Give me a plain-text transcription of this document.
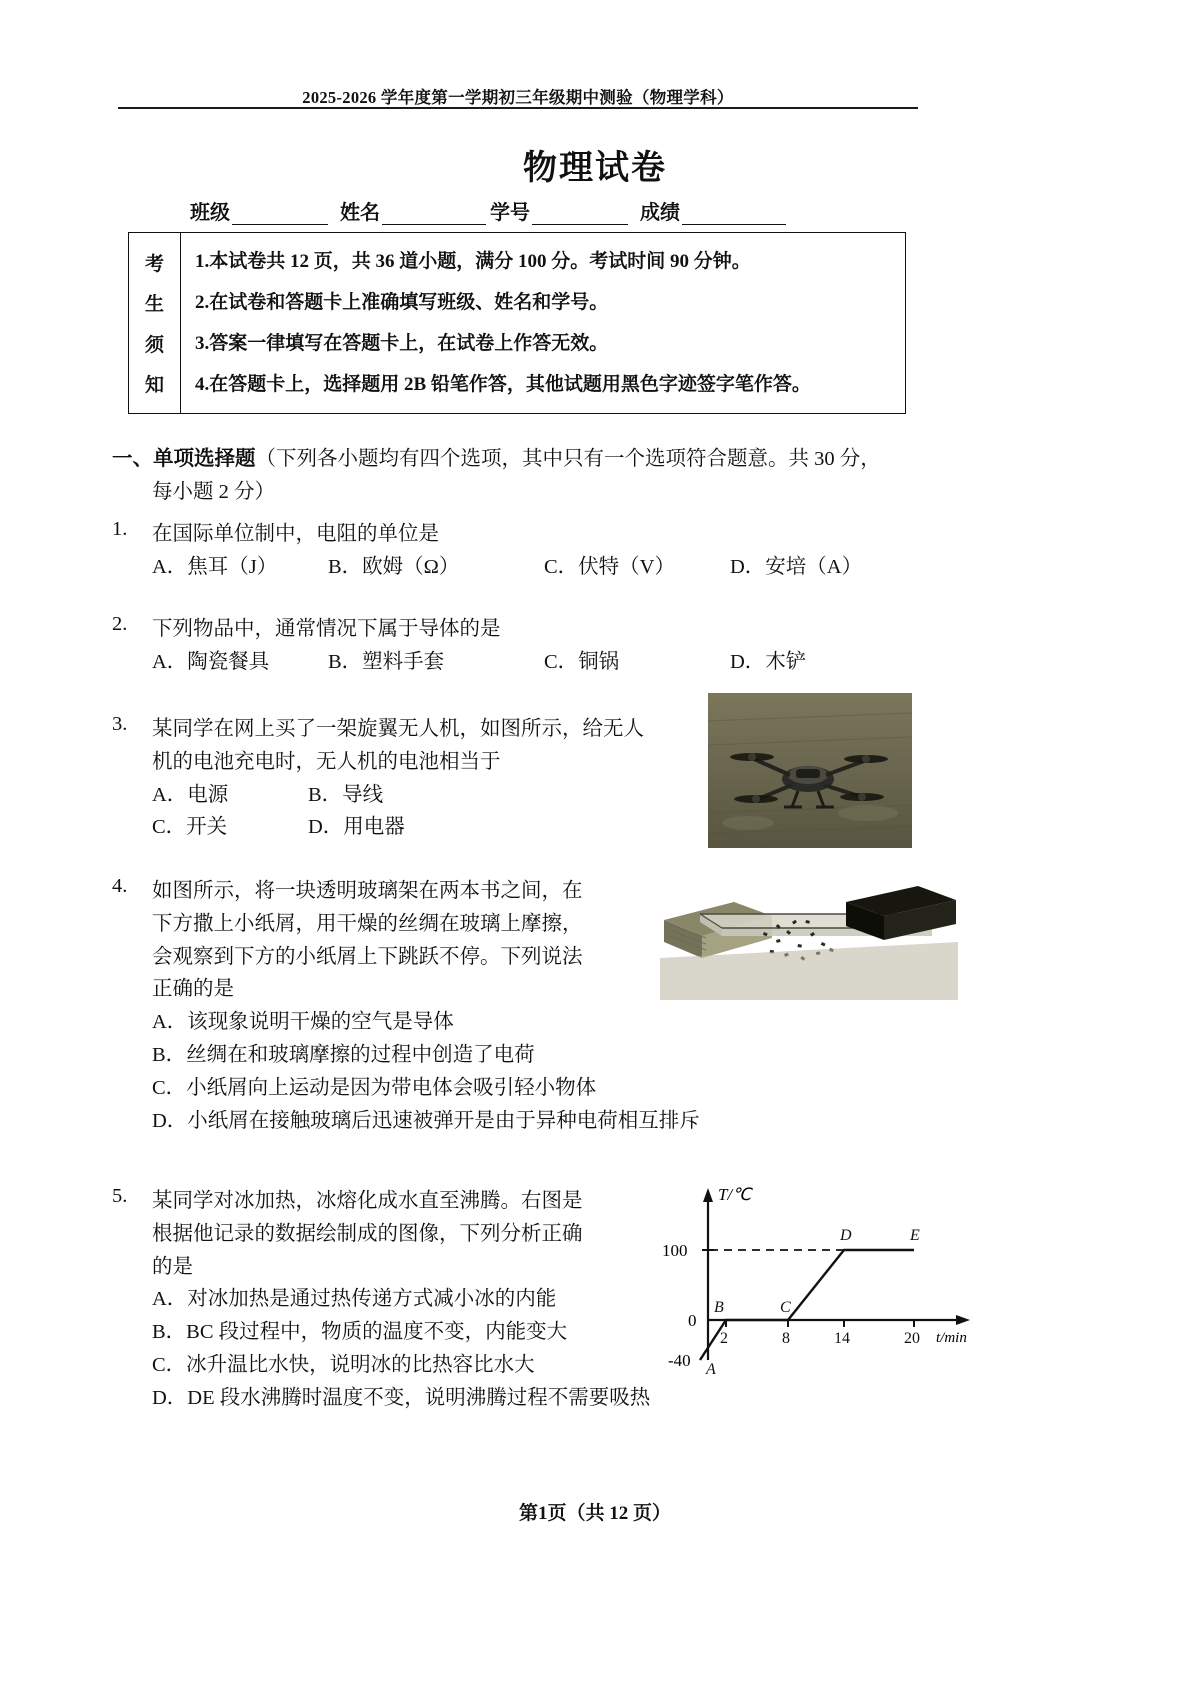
2025-2026 学年度第一学期初三年级期中测验（物理学科）
物理试卷
班级	姓名	学号	成绩
考
生
须
知
1.本试卷共 12 页，共 36 道小题，满分 100 分。考试时间 90 分钟。
2.在试卷和答题卡上准确填写班级、姓名和学号。
3.答案一律填写在答题卡上，在试卷上作答无效。
4.在答题卡上，选择题用 2B 铅笔作答，其他试题用黑色字迹签字笔作答。
一、单项选择题（下列各小题均有四个选项，其中只有一个选项符合题意。共 30 分，
每小题 2 分）
1.	在国际单位制中，电阻的单位是
A．焦耳（J）	B．欧姆（Ω）	C．伏特（V）	D．安培（A）
2.	下列物品中，通常情况下属于导体的是
A．陶瓷餐具	B．塑料手套	C．铜锅	D．木铲
3.	某同学在网上买了一架旋翼无人机，如图所示，给无人
机的电池充电时，无人机的电池相当于
A．电源	B．导线
C．开关	D．用电器
4.	如图所示，将一块透明玻璃架在两本书之间，在
下方撒上小纸屑，用干燥的丝绸在玻璃上摩擦，
会观察到下方的小纸屑上下跳跃不停。下列说法
正确的是
A．该现象说明干燥的空气是导体
B．丝绸在和玻璃摩擦的过程中创造了电荷
C．小纸屑向上运动是因为带电体会吸引轻小物体
D．小纸屑在接触玻璃后迅速被弹开是由于异种电荷相互排斥
5.	某同学对冰加热，冰熔化成水直至沸腾。右图是
根据他记录的数据绘制成的图像，下列分析正确
的是
A．对冰加热是通过热传递方式减小冰的内能
B．BC 段过程中，物质的温度不变，内能变大
C．冰升温比水快，说明冰的比热容比水大
D．DE 段水沸腾时温度不变，说明沸腾过程不需要吸热
T/℃
t/min
100
0
-40
2	8	14	20
A
B	C
D	E
第1页（共 12 页）
